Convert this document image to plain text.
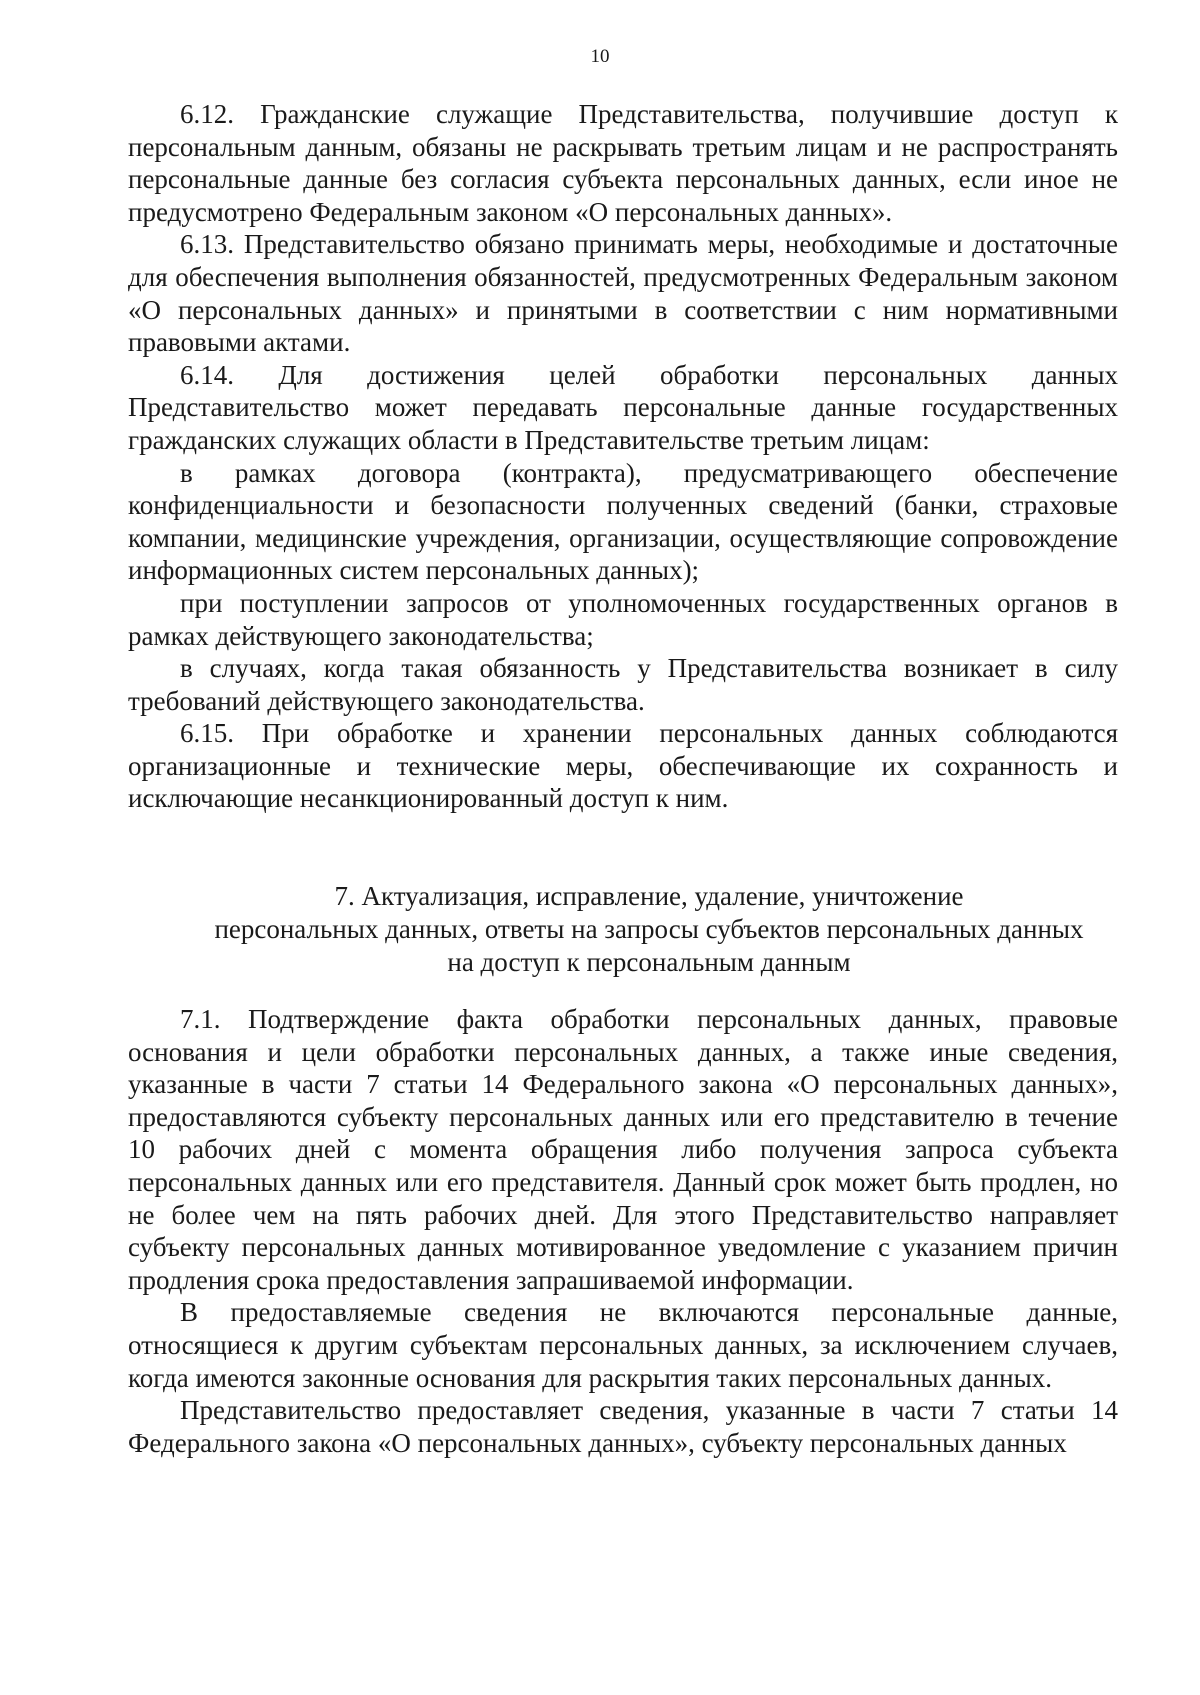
10

6.12. Гражданские служащие Представительства, получившие доступ к персональным данным, обязаны не раскрывать третьим лицам и не распространять персональные данные без согласия субъекта персональных данных, если иное не предусмотрено Федеральным законом «О персональных данных».

6.13. Представительство обязано принимать меры, необходимые и достаточные для обеспечения выполнения обязанностей, предусмотренных Федеральным законом «О персональных данных» и принятыми в соответствии с ним нормативными правовыми актами.

6.14. Для достижения целей обработки персональных данных Представительство может передавать персональные данные государственных гражданских служащих области в Представительстве третьим лицам:

в рамках договора (контракта), предусматривающего обеспечение конфиденциальности и безопасности полученных сведений (банки, страховые компании, медицинские учреждения, организации, осуществляющие сопровождение информационных систем персональных данных);

при поступлении запросов от уполномоченных государственных органов в рамках действующего законодательства;

в случаях, когда такая обязанность у Представительства возникает в силу требований действующего законодательства.

6.15. При обработке и хранении персональных данных соблюдаются организационные и технические меры, обеспечивающие их сохранность и исключающие несанкционированный доступ к ним.

7. Актуализация, исправление, удаление, уничтожение

персональных данных, ответы на запросы субъектов персональных данных

на доступ к персональным данным

7.1. Подтверждение факта обработки персональных данных, правовые основания и цели обработки персональных данных, а также иные сведения, указанные в части 7 статьи 14 Федерального закона «О персональных данных», предоставляются субъекту персональных данных или его представителю в течение 10 рабочих дней с момента обращения либо получения запроса субъекта персональных данных или его представителя. Данный срок может быть продлен, но не более чем на пять рабочих дней. Для этого Представительство направляет субъекту персональных данных мотивированное уведомление с указанием причин продления срока предоставления запрашиваемой информации.

В предоставляемые сведения не включаются персональные данные, относящиеся к другим субъектам персональных данных, за исключением случаев, когда имеются законные основания для раскрытия таких персональных данных.

Представительство предоставляет сведения, указанные в части 7 статьи 14 Федерального закона «О персональных данных», субъекту персональных данных
